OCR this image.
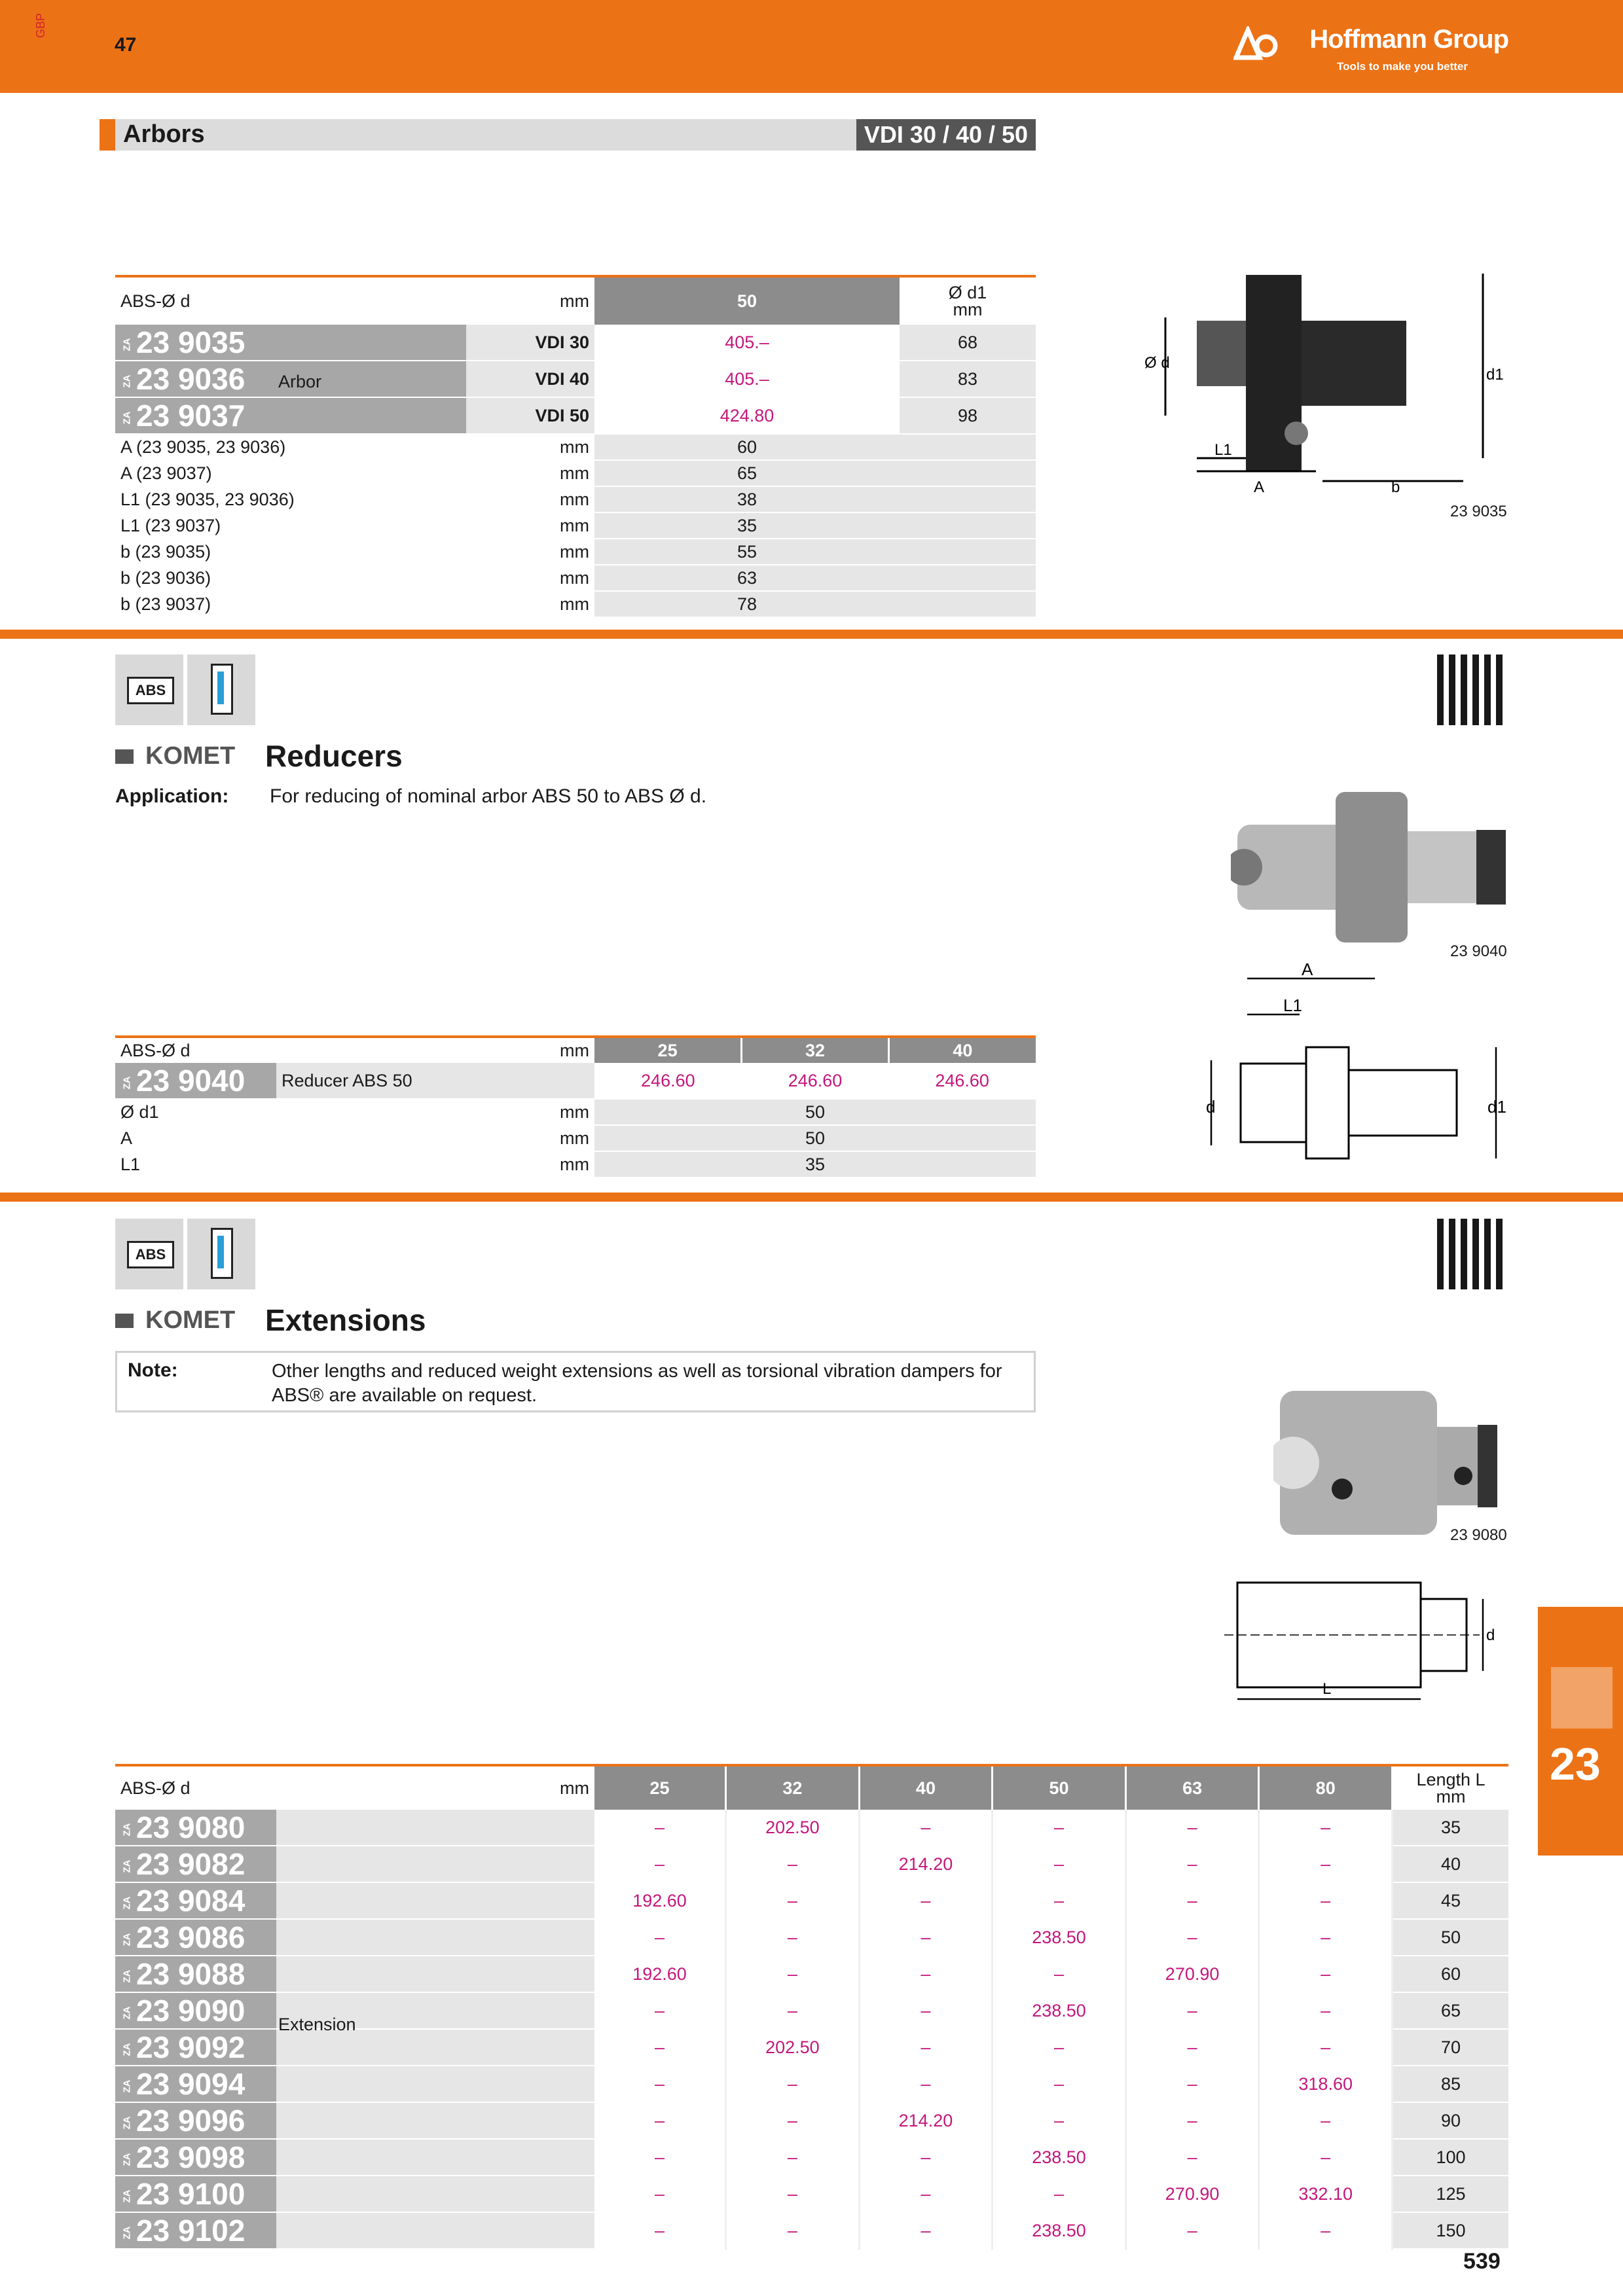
GBP
47	Hoffmann Group
Tools to make you better
Arbors	VDI 30 / 40 / 50
ABS-Ø d	mm	50	Ø d1
mm
ZA 23 9035	VDI 30	405.–	68
ZA 23 9036	VDI 40	405.–	83
ZA 23 9037	VDI 50	424.80	98
A (23 9035, 23 9036)	mm	60	
A (23 9037)	mm	65	
L1 (23 9035, 23 9036)	mm	38	
L1 (23 9037)	mm	35	
b (23 9035)	mm	55	
b (23 9036)	mm	63	
b (23 9037)	mm	78	
Arbor
Ø d
d1
L1
A	b
23 9035
ABS
KOMET Reducers
Application: For reducing of nominal arbor ABS 50 to ABS Ø d.
23 9040
A
L1
d	d1
ABS-Ø d	mm	25	32	40
ZA 23 9040	Reducer ABS 50	246.60	246.60	246.60
Ø d1	mm	50		
A	mm	50		
L1	mm	35		
ABS
KOMET Extensions
Note:	Other lengths and reduced weight extensions as well as torsional vibration dampers for ABS® are available on request.
23 9080
d
L
ABS-Ø d	mm	25	32	40	50	63	80	Length L
mm
ZA 23 9080		–	202.50	–	–	–	–	35
ZA 23 9082		–	–	214.20	–	–	–	40
ZA 23 9084		192.60	–	–	–	–	–	45
ZA 23 9086		–	–	–	238.50	–	–	50
ZA 23 9088		192.60	–	–	–	270.90	–	60
ZA 23 9090		–	–	–	238.50	–	–	65
ZA 23 9092		–	202.50	–	–	–	–	70
ZA 23 9094		–	–	–	–	–	318.60	85
ZA 23 9096		–	–	214.20	–	–	–	90
ZA 23 9098		–	–	–	238.50	–	–	100
ZA 23 9100		–	–	–	–	270.90	332.10	125
ZA 23 9102		–	–	–	238.50	–	–	150
Extension
23
539
